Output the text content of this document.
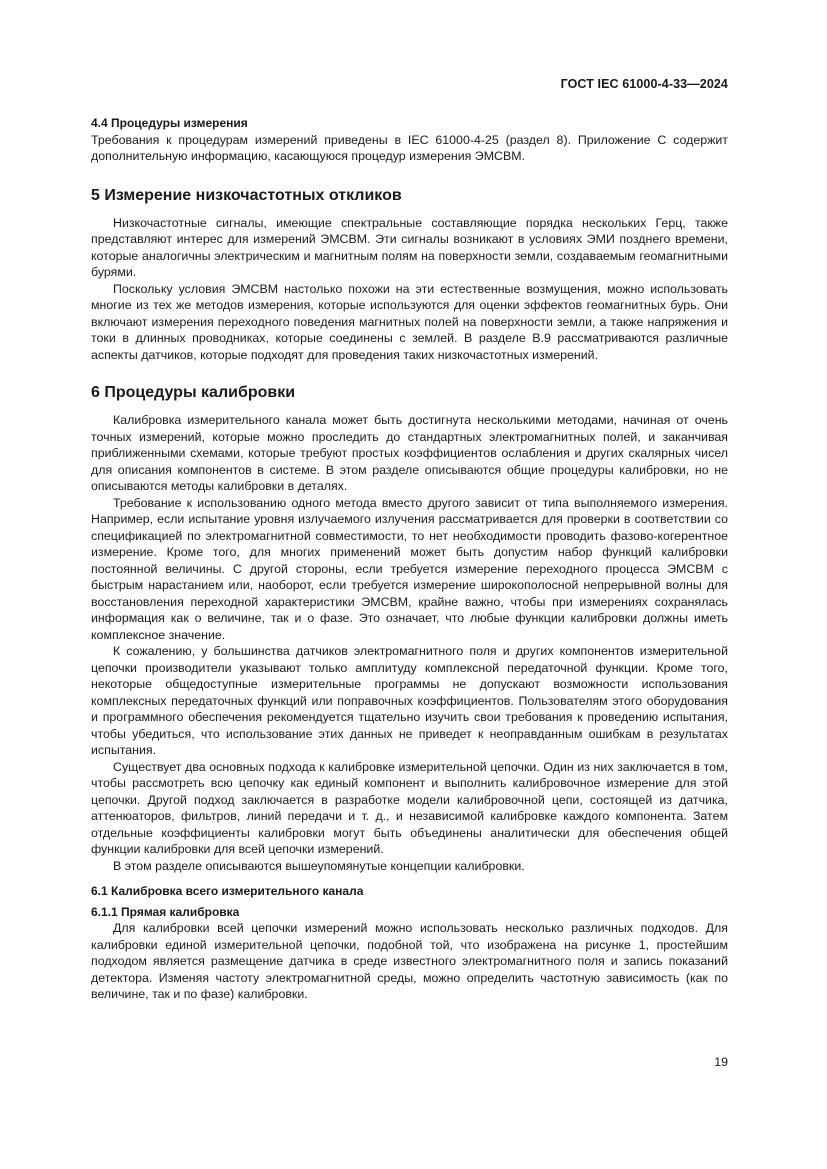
ГОСТ IEC 61000-4-33—2024
4.4 Процедуры измерения

Требования к процедурам измерений приведены в IEC 61000-4-25 (раздел 8). Приложение С содержит дополнительную информацию, касающуюся процедур измерения ЭМСВМ.

5 Измерение низкочастотных откликов

Низкочастотные сигналы, имеющие спектральные составляющие порядка нескольких Герц, также представляют интерес для измерений ЭМСВМ. Эти сигналы возникают в условиях ЭМИ позднего времени, которые аналогичны электрическим и магнитным полям на поверхности земли, создаваемым геомагнитными бурями.

Поскольку условия ЭМСВМ настолько похожи на эти естественные возмущения, можно использовать многие из тех же методов измерения, которые используются для оценки эффектов геомагнитных бурь. Они включают измерения переходного поведения магнитных полей на поверхности земли, а также напряжения и токи в длинных проводниках, которые соединены с землей. В разделе В.9 рассматриваются различные аспекты датчиков, которые подходят для проведения таких низкочастотных измерений.

6 Процедуры калибровки

Калибровка измерительного канала может быть достигнута несколькими методами, начиная от очень точных измерений, которые можно проследить до стандартных электромагнитных полей, и заканчивая приближенными схемами, которые требуют простых коэффициентов ослабления и других скалярных чисел для описания компонентов в системе. В этом разделе описываются общие процедуры калибровки, но не описываются методы калибровки в деталях.

Требование к использованию одного метода вместо другого зависит от типа выполняемого измерения. Например, если испытание уровня излучаемого излучения рассматривается для проверки в соответствии со спецификацией по электромагнитной совместимости, то нет необходимости проводить фазово-когерентное измерение. Кроме того, для многих применений может быть допустим набор функций калибровки постоянной величины. С другой стороны, если требуется измерение переходного процесса ЭМСВМ с быстрым нарастанием или, наоборот, если требуется измерение широкополосной непрерывной волны для восстановления переходной характеристики ЭМСВМ, крайне важно, чтобы при измерениях сохранялась информация как о величине, так и о фазе. Это означает, что любые функции калибровки должны иметь комплексное значение.

К сожалению, у большинства датчиков электромагнитного поля и других компонентов измерительной цепочки производители указывают только амплитуду комплексной передаточной функции. Кроме того, некоторые общедоступные измерительные программы не допускают возможности использования комплексных передаточных функций или поправочных коэффициентов. Пользователям этого оборудования и программного обеспечения рекомендуется тщательно изучить свои требования к проведению испытания, чтобы убедиться, что использование этих данных не приведет к неоправданным ошибкам в результатах испытания.

Существует два основных подхода к калибровке измерительной цепочки. Один из них заключается в том, чтобы рассмотреть всю цепочку как единый компонент и выполнить калибровочное измерение для этой цепочки. Другой подход заключается в разработке модели калибровочной цепи, состоящей из датчика, аттенюаторов, фильтров, линий передачи и т. д., и независимой калибровке каждого компонента. Затем отдельные коэффициенты калибровки могут быть объединены аналитически для обеспечения общей функции калибровки для всей цепочки измерений.

В этом разделе описываются вышеупомянутые концепции калибровки.

6.1 Калибровка всего измерительного канала
6.1.1 Прямая калибровка

Для калибровки всей цепочки измерений можно использовать несколько различных подходов. Для калибровки единой измерительной цепочки, подобной той, что изображена на рисунке 1, простейшим подходом является размещение датчика в среде известного электромагнитного поля и запись показаний детектора. Изменяя частоту электромагнитной среды, можно определить частотную зависимость (как по величине, так и по фазе) калибровки.

19
